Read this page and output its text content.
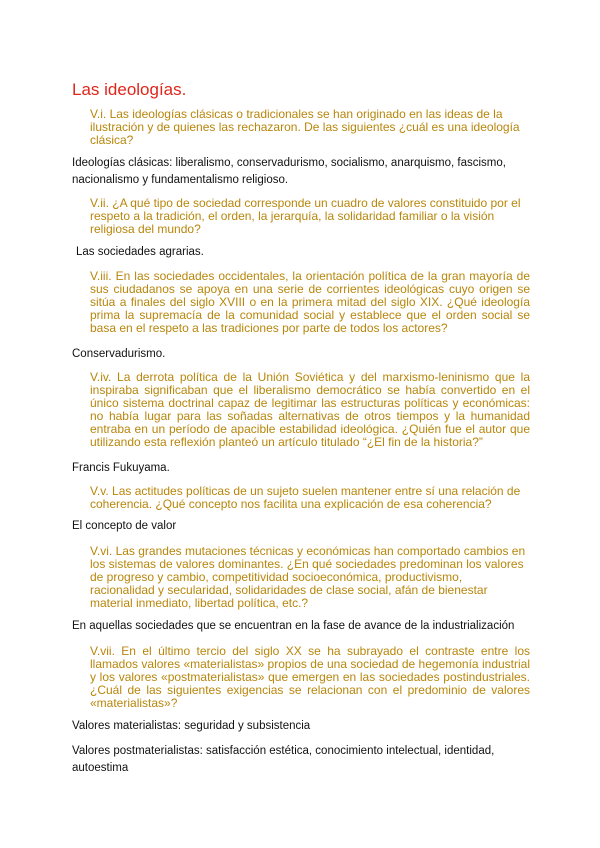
Las ideologías.

V.i. Las ideologías clásicas o tradicionales se han originado en las ideas de la ilustración y de quienes las rechazaron. De las siguientes ¿cuál es una ideología clásica?

Ideologías clásicas: liberalismo, conservadurismo, socialismo, anarquismo, fascismo, nacionalismo y fundamentalismo religioso.

V.ii. ¿A qué tipo de sociedad corresponde un cuadro de valores constituido por el respeto a la tradición, el orden, la jerarquía, la solidaridad familiar o la visión religiosa del mundo?

Las sociedades agrarias.

V.iii. En las sociedades occidentales, la orientación política de la gran mayoría de sus ciudadanos se apoya en una serie de corrientes ideológicas cuyo origen se sitúa a finales del siglo XVIII o en la primera mitad del siglo XIX. ¿Qué ideología prima la supremacía de la comunidad social y establece que el orden social se basa en el respeto a las tradiciones por parte de todos los actores?

Conservadurismo.

V.iv. La derrota política de la Unión Soviética y del marxismo-leninismo que la inspiraba significaban que el liberalismo democrático se había convertido en el único sistema doctrinal capaz de legitimar las estructuras políticas y económicas: no había lugar para las soñadas alternativas de otros tiempos y la humanidad entraba en un período de apacible estabilidad ideológica. ¿Quién fue el autor que utilizando esta reflexión planteó un artículo titulado “¿El fin de la historia?”

Francis Fukuyama.

V.v. Las actitudes políticas de un sujeto suelen mantener entre sí una relación de coherencia. ¿Qué concepto nos facilita una explicación de esa coherencia?

El concepto de valor

V.vi. Las grandes mutaciones técnicas y económicas han comportado cambios en los sistemas de valores dominantes. ¿En qué sociedades predominan los valores de progreso y cambio, competitividad socioeconómica, productivismo, racionalidad y secularidad, solidaridades de clase social, afán de bienestar material inmediato, libertad política, etc.?

En aquellas sociedades que se encuentran en la fase de avance de la industrialización

V.vii. En el último tercio del siglo XX se ha subrayado el contraste entre los llamados valores «materialistas» propios de una sociedad de hegemonía industrial y los valores «postmaterialistas» que emergen en las sociedades postindustriales. ¿Cuál de las siguientes exigencias se relacionan con el predominio de valores «materialistas»?

Valores materialistas: seguridad y subsistencia

Valores postmaterialistas: satisfacción estética, conocimiento intelectual, identidad, autoestima
